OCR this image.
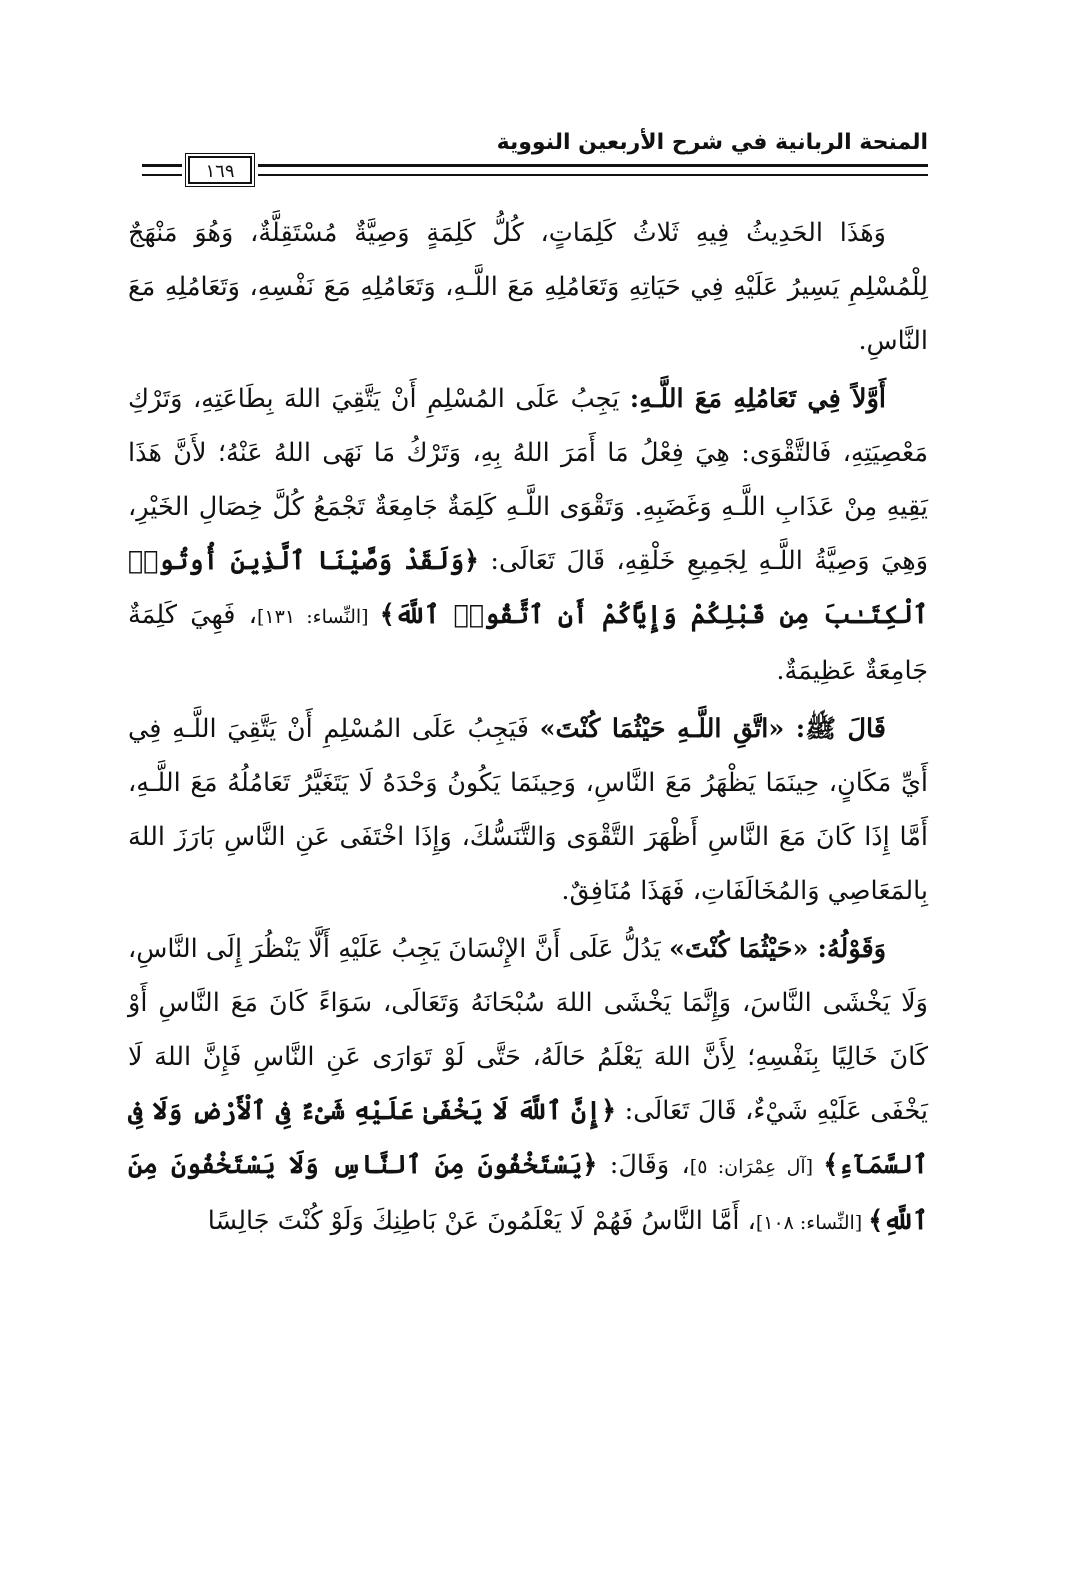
المنحة الربانية في شرح الأربعين النووية
١٦٩

وَهَذَا الحَدِيثُ فِيهِ ثَلاثُ كَلِمَاتٍ، كُلُّ كَلِمَةٍ وَصِيَّةٌ مُسْتَقِلَّةٌ، وَهُوَ مَنْهَجٌ لِلْمُسْلِمِ يَسِيرُ عَلَيْهِ فِي حَيَاتِهِ وَتَعَامُلِهِ مَعَ اللَّـهِ، وَتَعَامُلِهِ مَعَ نَفْسِهِ، وَتَعَامُلِهِ مَعَ النَّاسِ.

أَوَّلاً فِي تَعَامُلِهِ مَعَ اللَّـهِ: يَجِبُ عَلَى المُسْلِمِ أَنْ يَتَّقِيَ اللهَ بِطَاعَتِهِ، وَتَرْكِ مَعْصِيَتِهِ، فَالتَّقْوَى: هِيَ فِعْلُ مَا أَمَرَ اللهُ بِهِ، وَتَرْكُ مَا نَهَى اللهُ عَنْهُ؛ لأَنَّ هَذَا يَقِيهِ مِنْ عَذَابِ اللَّـهِ وَغَضَبِهِ. وَتَقْوَى اللَّـهِ كَلِمَةٌ جَامِعَةٌ تَجْمَعُ كُلَّ خِصَالِ الخَيْرِ، وَهِيَ وَصِيَّةُ اللَّـهِ لِجَمِيعِ خَلْقِهِ، قَالَ تَعَالَى: ﴿وَلَقَدْ وَصَّيْنَا ٱلَّذِينَ أُوتُوا۟ ٱلْكِتَـٰبَ مِن قَبْلِكُمْ وَإِيَّاكُمْ أَنِ ٱتَّقُوا۟ ٱللَّهَ﴾ [النِّساء: ١٣١]، فَهِيَ كَلِمَةٌ جَامِعَةٌ عَظِيمَةٌ.

قَالَ ﷺ: «اتَّقِ اللَّـهِ حَيْثُمَا كُنْتَ» فَيَجِبُ عَلَى المُسْلِمِ أَنْ يَتَّقِيَ اللَّـهِ فِي أَيِّ مَكَانٍ، حِينَمَا يَظْهَرُ مَعَ النَّاسِ، وَحِينَمَا يَكُونُ وَحْدَهُ لَا يَتَغَيَّرُ تَعَامُلُهُ مَعَ اللَّـهِ، أَمَّا إِذَا كَانَ مَعَ النَّاسِ أَظْهَرَ التَّقْوَى وَالتَّنَسُّكَ، وَإِذَا اخْتَفَى عَنِ النَّاسِ بَارَزَ اللهَ بِالمَعَاصِي وَالمُخَالَفَاتِ، فَهَذَا مُنَافِقٌ.

وَقَوْلُهُ: «حَيْثُمَا كُنْتَ» يَدُلُّ عَلَى أَنَّ الإِنْسَانَ يَجِبُ عَلَيْهِ أَلَّا يَنْظُرَ إِلَى النَّاسِ، وَلَا يَخْشَى النَّاسَ، وَإِنَّمَا يَخْشَى اللهَ سُبْحَانَهُ وَتَعَالَى، سَوَاءً كَانَ مَعَ النَّاسِ أَوْ كَانَ خَالِيًا بِنَفْسِهِ؛ لِأَنَّ اللهَ يَعْلَمُ حَالَهُ، حَتَّى لَوْ تَوَارَى عَنِ النَّاسِ فَإِنَّ اللهَ لَا يَخْفَى عَلَيْهِ شَيْءٌ، قَالَ تَعَالَى: ﴿إِنَّ ٱللَّهَ لَا يَخْفَىٰ عَلَيْهِ شَىْءٌ فِى ٱلْأَرْضِ وَلَا فِى ٱلسَّمَآءِ﴾ [آل عِمْرَان: ٥]، وَقَالَ: ﴿يَسْتَخْفُونَ مِنَ ٱلنَّاسِ وَلَا يَسْتَخْفُونَ مِنَ ٱللَّهِ﴾ [النِّساء: ١٠٨]، أَمَّا النَّاسُ فَهُمْ لَا يَعْلَمُونَ عَنْ بَاطِنِكَ وَلَوْ كُنْتَ جَالِسًا
